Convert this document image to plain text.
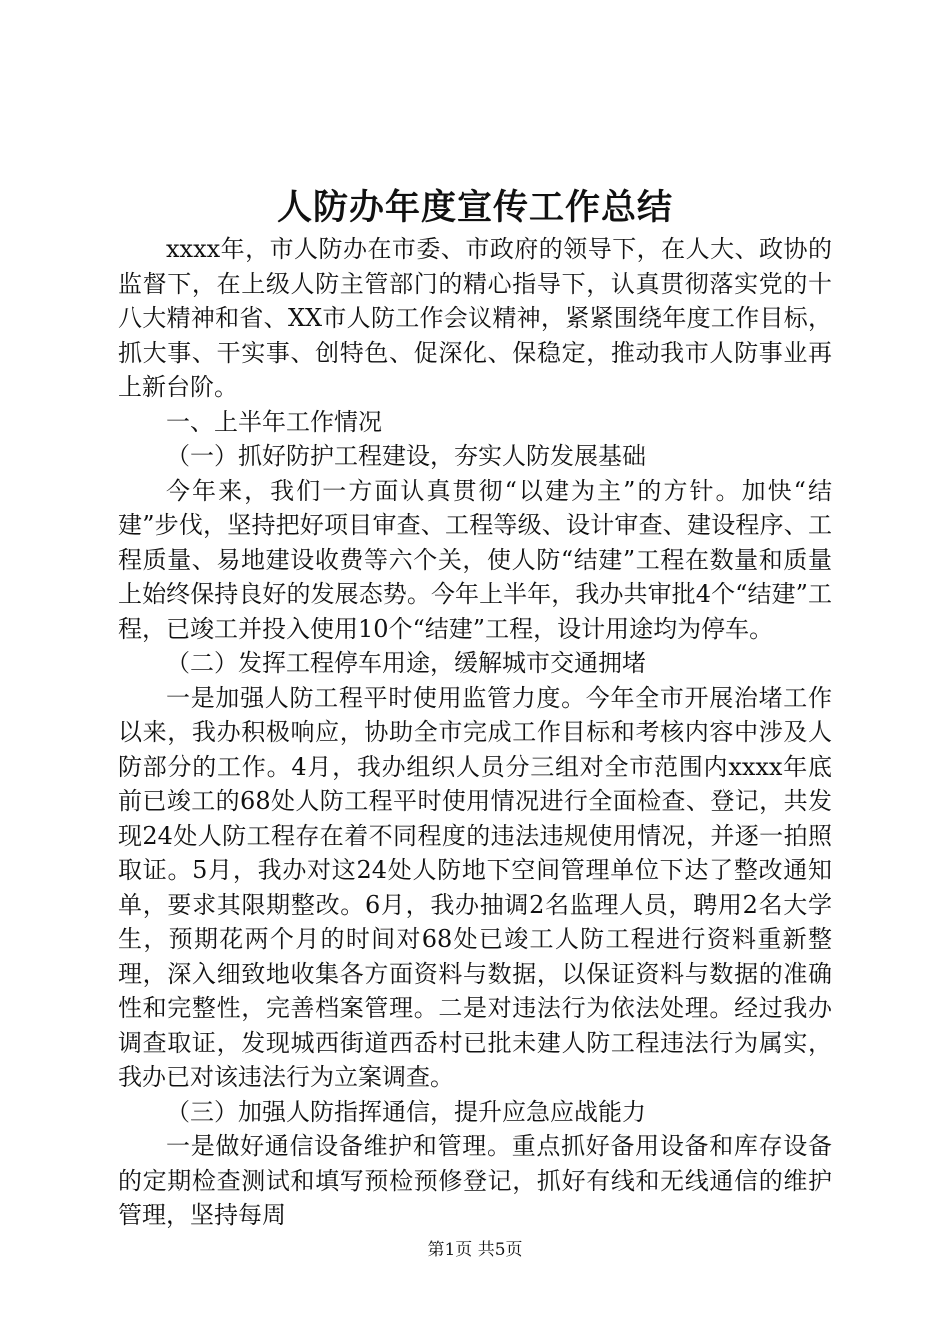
人防办年度宣传工作总结

xxxx年，市人防办在市委、市政府的领导下，在人大、政协的监督下，在上级人防主管部门的精心指导下，认真贯彻落实党的十八大精神和省、XX市人防工作会议精神，紧紧围绕年度工作目标，抓大事、干实事、创特色、促深化、保稳定，推动我市人防事业再上新台阶。

一、上半年工作情况

（一）抓好防护工程建设，夯实人防发展基础

今年来，我们一方面认真贯彻“以建为主”的方针。加快“结建”步伐，坚持把好项目审查、工程等级、设计审查、建设程序、工程质量、易地建设收费等六个关，使人防“结建”工程在数量和质量上始终保持良好的发展态势。今年上半年，我办共审批4个“结建”工程，已竣工并投入使用10个“结建”工程，设计用途均为停车。

（二）发挥工程停车用途，缓解城市交通拥堵

一是加强人防工程平时使用监管力度。今年全市开展治堵工作以来，我办积极响应，协助全市完成工作目标和考核内容中涉及人防部分的工作。4月，我办组织人员分三组对全市范围内xxxx年底前已竣工的68处人防工程平时使用情况进行全面检查、登记，共发现24处人防工程存在着不同程度的违法违规使用情况，并逐一拍照取证。5月，我办对这24处人防地下空间管理单位下达了整改通知单，要求其限期整改。6月，我办抽调2名监理人员，聘用2名大学生，预期花两个月的时间对68处已竣工人防工程进行资料重新整理，深入细致地收集各方面资料与数据，以保证资料与数据的准确性和完整性，完善档案管理。二是对违法行为依法处理。经过我办调查取证，发现城西街道西岙村已批未建人防工程违法行为属实，我办已对该违法行为立案调查。

（三）加强人防指挥通信，提升应急应战能力

一是做好通信设备维护和管理。重点抓好备用设备和库存设备的定期检查测试和填写预检预修登记，抓好有线和无线通信的维护管理，坚持每周

第1页 共5页
